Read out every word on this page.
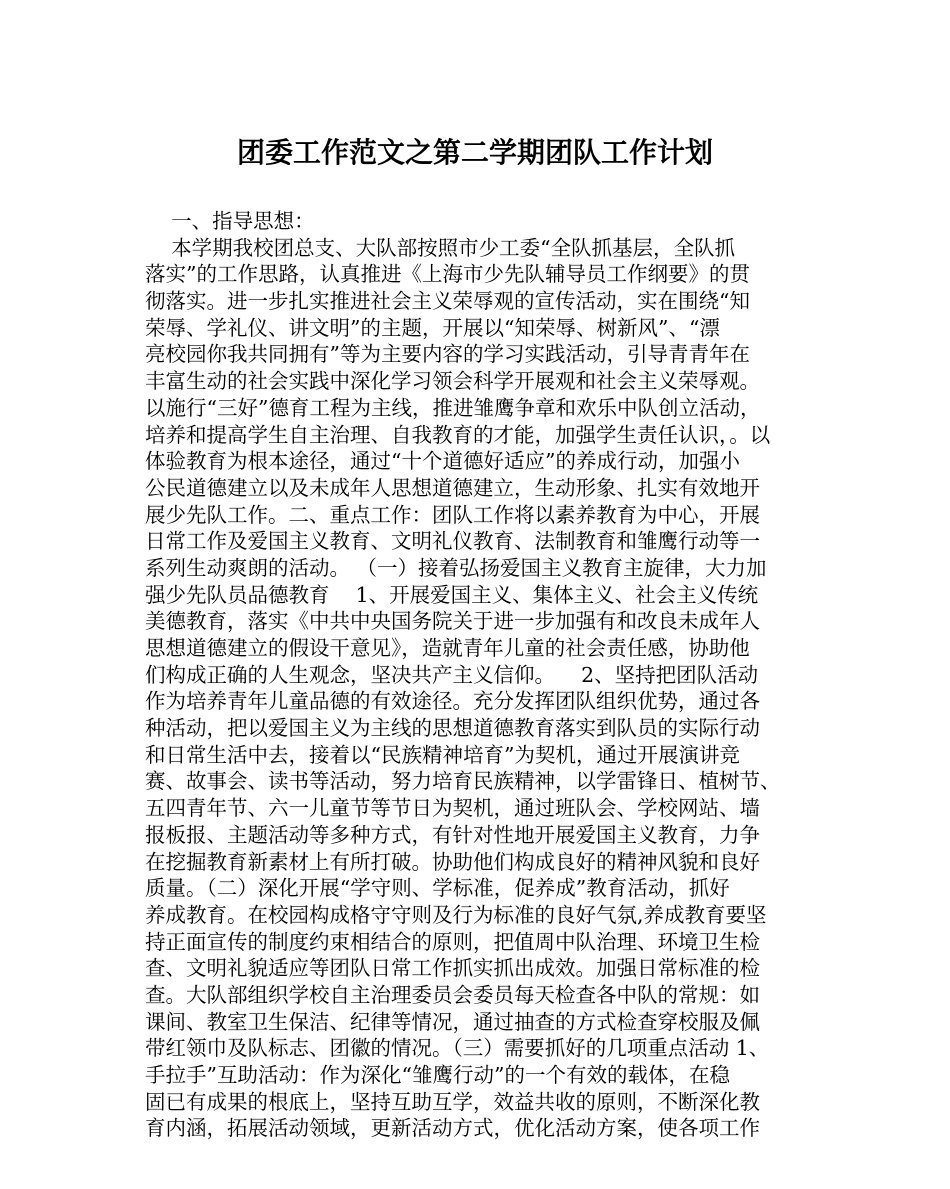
团委工作范文之第二学期团队工作计划
一、指导思想：
本学期我校团总支、大队部按照市少工委“全队抓基层，全队抓
落实”的工作思路，认真推进《上海市少先队辅导员工作纲要》的贯
彻落实。进一步扎实推进社会主义荣辱观的宣传活动，实在围绕“知
荣辱、学礼仪、讲文明”的主题，开展以“知荣辱、树新风”、“漂
亮校园你我共同拥有”等为主要内容的学习实践活动，引导青青年在
丰富生动的社会实践中深化学习领会科学开展观和社会主义荣辱观。
以施行“三好”德育工程为主线，推进雏鹰争章和欢乐中队创立活动，
培养和提高学生自主治理、自我教育的才能，加强学生责任认识，。以
体验教育为根本途径，通过“十个道德好适应”的养成行动，加强小
公民道德建立以及未成年人思想道德建立，生动形象、扎实有效地开
展少先队工作。二、重点工作：团队工作将以素养教育为中心，开展
日常工作及爱国主义教育、文明礼仪教育、法制教育和雏鹰行动等一
系列生动爽朗的活动。 （一）接着弘扬爱国主义教育主旋律，大力加
强少先队员品德教育    1、开展爱国主义、集体主义、社会主义传统
美德教育，落实《中共中央国务院关于进一步加强有和改良未成年人
思想道德建立的假设干意见》，造就青年儿童的社会责任感，协助他
们构成正确的人生观念，坚决共产主义信仰。    2、坚持把团队活动
作为培养青年儿童品德的有效途径。充分发挥团队组织优势，通过各
种活动，把以爱国主义为主线的思想道德教育落实到队员的实际行动
和日常生活中去，接着以“民族精神培育”为契机，通过开展演讲竞
赛、故事会、读书等活动，努力培育民族精神，以学雷锋日、植树节、
五四青年节、六一儿童节等节日为契机，通过班队会、学校网站、墙
报板报、主题活动等多种方式，有针对性地开展爱国主义教育，力争
在挖掘教育新素材上有所打破。协助他们构成良好的精神风貌和良好
质量。（二）深化开展“学守则、学标准，促养成”教育活动，抓好
养成教育。在校园构成格守守则及行为标准的良好气氛,养成教育要坚
持正面宣传的制度约束相结合的原则，把值周中队治理、环境卫生检
查、文明礼貌适应等团队日常工作抓实抓出成效。加强日常标准的检
查。大队部组织学校自主治理委员会委员每天检查各中队的常规：如
课间、教室卫生保洁、纪律等情况，通过抽查的方式检查穿校服及佩
带红领巾及队标志、团徽的情况。（三）需要抓好的几项重点活动 1、
手拉手”互助活动：作为深化“雏鹰行动”的一个有效的载体，在稳
固已有成果的根底上，坚持互助互学，效益共收的原则，不断深化教
育内涵，拓展活动领域，更新活动方式，优化活动方案，使各项工作
